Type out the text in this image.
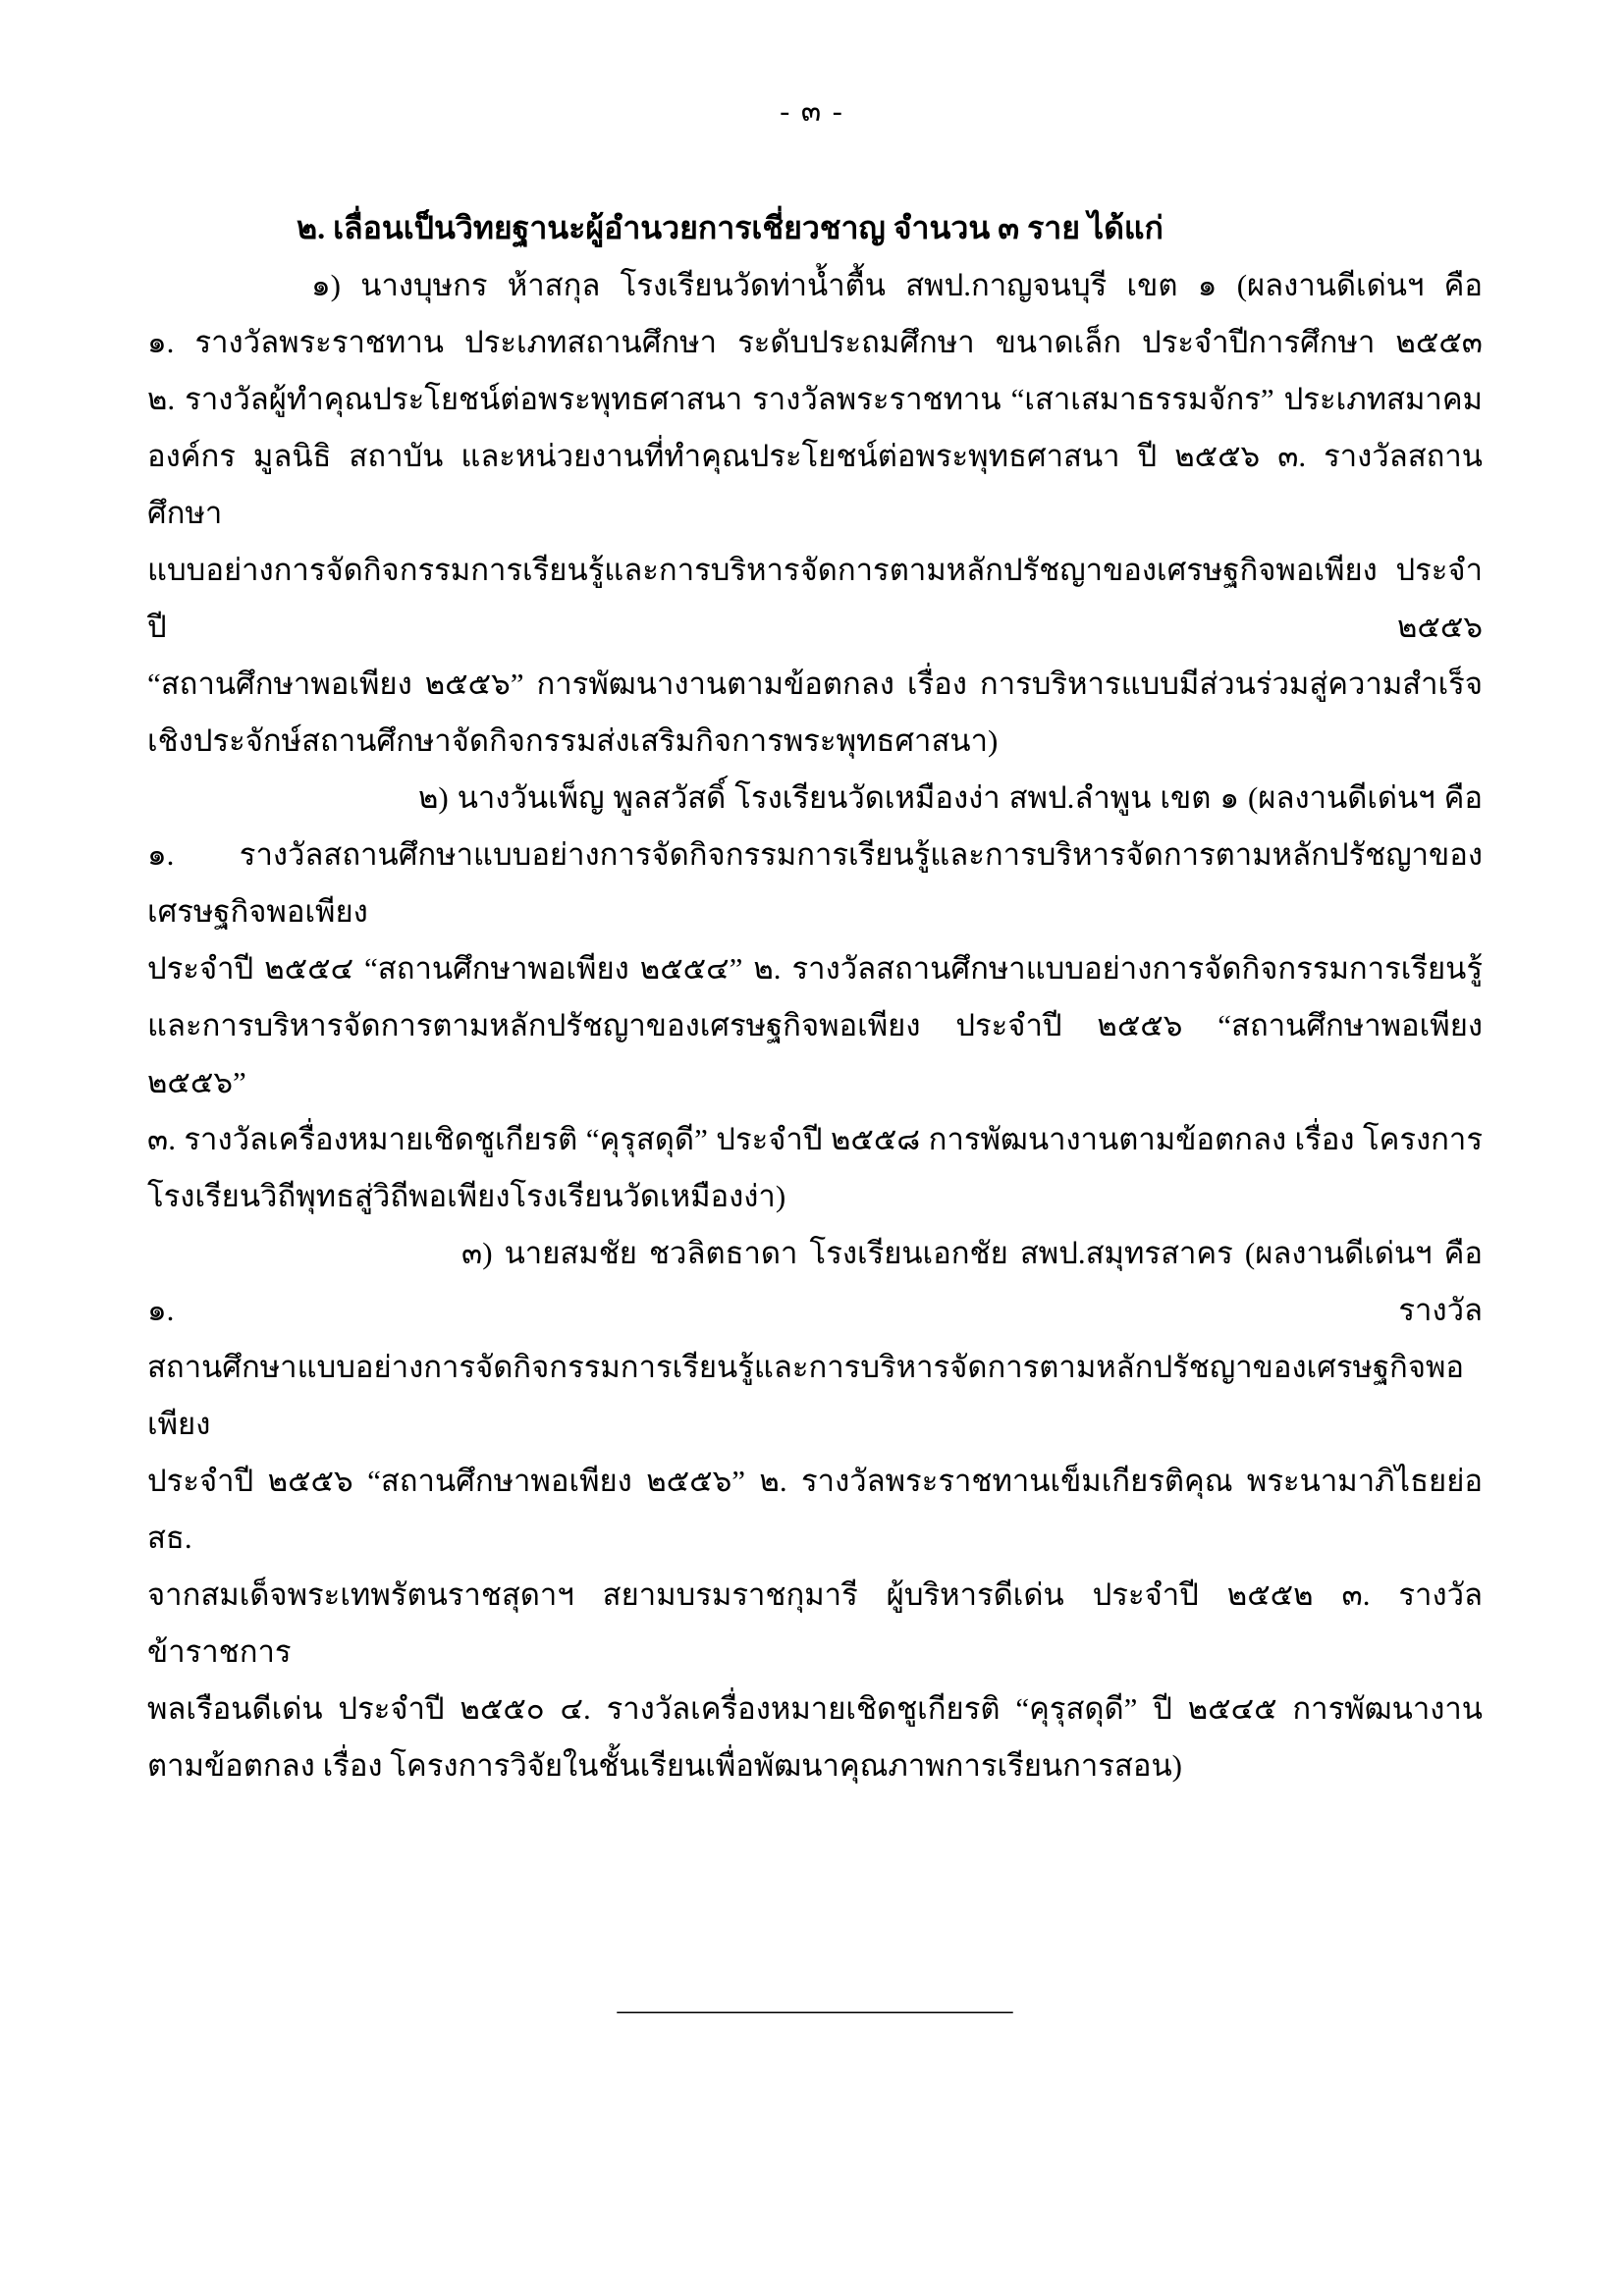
- ๓ -
๒. เลื่อนเป็นวิทยฐานะผู้อำนวยการเชี่ยวชาญ จำนวน ๓ ราย ได้แก่
๑) นางบุษกร ห้าสกุล โรงเรียนวัดท่าน้ำตื้น สพป.กาญจนบุรี เขต ๑ (ผลงานดีเด่นฯ คือ
๑. รางวัลพระราชทาน ประเภทสถานศึกษา ระดับประถมศึกษา ขนาดเล็ก ประจำปีการศึกษา ๒๕๕๓
๒. รางวัลผู้ทำคุณประโยชน์ต่อพระพุทธศาสนา รางวัลพระราชทาน “เสาเสมาธรรมจักร” ประเภทสมาคม
องค์กร มูลนิธิ สถาบัน และหน่วยงานที่ทำคุณประโยชน์ต่อพระพุทธศาสนา ปี ๒๕๕๖ ๓. รางวัลสถานศึกษา
แบบอย่างการจัดกิจกรรมการเรียนรู้และการบริหารจัดการตามหลักปรัชญาของเศรษฐกิจพอเพียง ประจำปี ๒๕๕๖
“สถานศึกษาพอเพียง ๒๕๕๖” การพัฒนางานตามข้อตกลง เรื่อง การบริหารแบบมีส่วนร่วมสู่ความสำเร็จ
เชิงประจักษ์สถานศึกษาจัดกิจกรรมส่งเสริมกิจการพระพุทธศาสนา)
๒) นางวันเพ็ญ พูลสวัสดิ์ โรงเรียนวัดเหมืองง่า สพป.ลำพูน เขต ๑ (ผลงานดีเด่นฯ คือ
๑. รางวัลสถานศึกษาแบบอย่างการจัดกิจกรรมการเรียนรู้และการบริหารจัดการตามหลักปรัชญาของเศรษฐกิจพอเพียง
ประจำปี ๒๕๕๔ “สถานศึกษาพอเพียง ๒๕๕๔” ๒. รางวัลสถานศึกษาแบบอย่างการจัดกิจกรรมการเรียนรู้
และการบริหารจัดการตามหลักปรัชญาของเศรษฐกิจพอเพียง ประจำปี ๒๕๕๖ “สถานศึกษาพอเพียง ๒๕๕๖”
๓. รางวัลเครื่องหมายเชิดชูเกียรติ “คุรุสดุดี” ประจำปี ๒๕๕๘ การพัฒนางานตามข้อตกลง เรื่อง โครงการ
โรงเรียนวิถีพุทธสู่วิถีพอเพียงโรงเรียนวัดเหมืองง่า)
๓) นายสมชัย ชวลิตธาดา โรงเรียนเอกชัย สพป.สมุทรสาคร (ผลงานดีเด่นฯ คือ ๑. รางวัล
สถานศึกษาแบบอย่างการจัดกิจกรรมการเรียนรู้และการบริหารจัดการตามหลักปรัชญาของเศรษฐกิจพอเพียง
ประจำปี ๒๕๕๖ “สถานศึกษาพอเพียง ๒๕๕๖” ๒. รางวัลพระราชทานเข็มเกียรติคุณ พระนามาภิไธยย่อ สธ.
จากสมเด็จพระเทพรัตนราชสุดาฯ สยามบรมราชกุมารี ผู้บริหารดีเด่น ประจำปี ๒๕๕๒ ๓. รางวัลข้าราชการ
พลเรือนดีเด่น ประจำปี ๒๕๕๐ ๔. รางวัลเครื่องหมายเชิดชูเกียรติ “คุรุสดุดี” ปี ๒๕๔๕ การพัฒนางาน
ตามข้อตกลง เรื่อง โครงการวิจัยในชั้นเรียนเพื่อพัฒนาคุณภาพการเรียนการสอน)
__________________________
